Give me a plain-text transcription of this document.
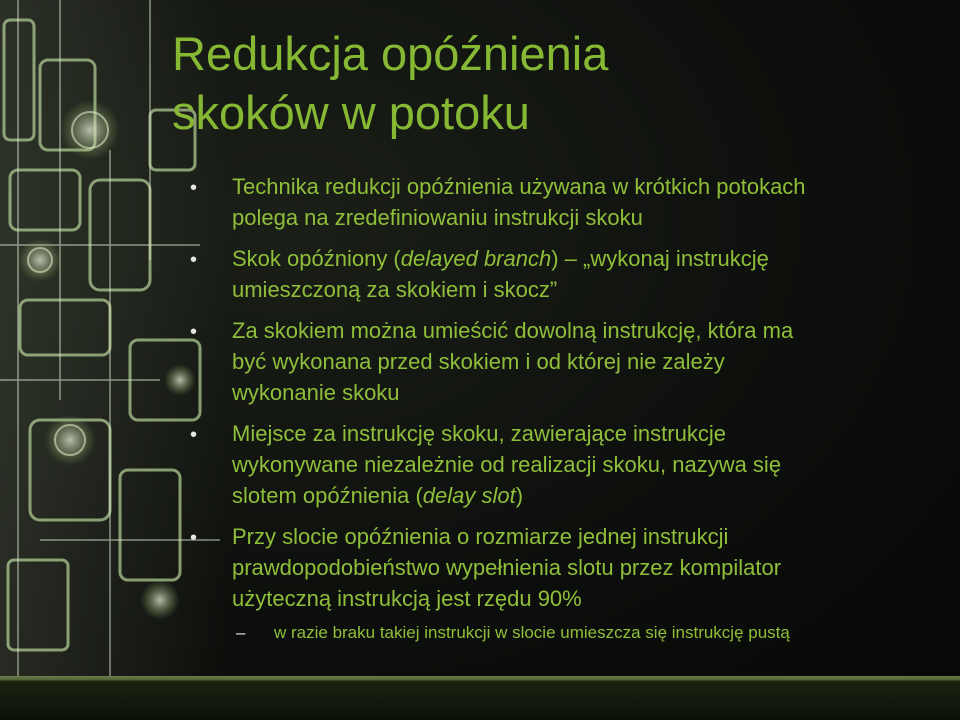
Redukcja opóźnienia
skoków w potoku
•
Technika redukcji opóźnienia używana w krótkich potokach
polega na zredefiniowaniu instrukcji skoku
•
Skok opóźniony (delayed branch) – „wykonaj instrukcję
umieszczoną za skokiem i skocz”
•
Za skokiem można umieścić dowolną instrukcję, która ma
być wykonana przed skokiem i od której nie zależy
wykonanie skoku
•
Miejsce za instrukcję skoku, zawierające instrukcje
wykonywane niezależnie od realizacji skoku, nazywa się
slotem opóźnienia (delay slot)
•
Przy slocie opóźnienia o rozmiarze jednej instrukcji
prawdopodobieństwo wypełnienia slotu przez kompilator
użyteczną instrukcją jest rzędu 90%
– w razie braku takiej instrukcji w slocie umieszcza się instrukcję pustą
